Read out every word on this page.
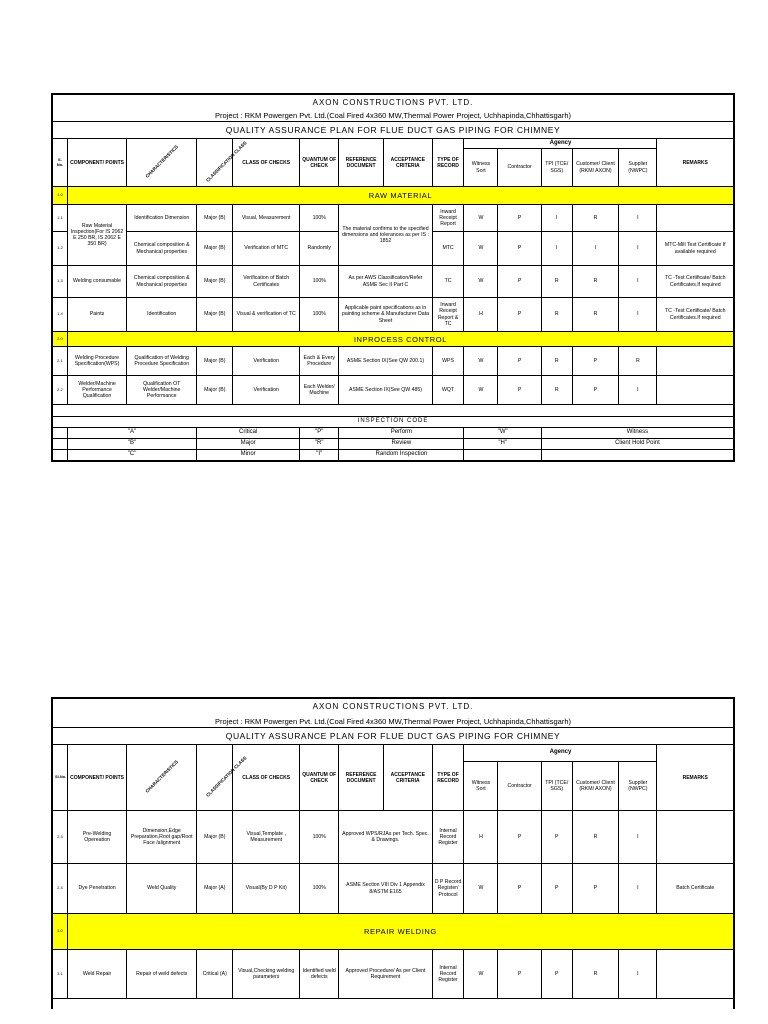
AXON CONSTRUCTIONS PVT. LTD.														
Project : RKM Powergen Pvt. Ltd.(Coal Fired 4x360 MW,Thermal Power Project, Uchhapinda,Chhattisgarh)														
QUALITY ASSURANCE PLAN FOR FLUE DUCT GAS PIPING FOR CHIMNEY														
S. No.	COMPONENT/ POINTS	CHARACTERISTICS	CLASSIFICATION CLASS	CLASS OF CHECKS	QUANTUM OF CHECK	REFERENCE DOCUMENT	ACCEPTANCE CRITERIA	TYPE OF RECORD	Agency					REMARKS
									Witness Sort	Contractor	TPI (TCE/ SGS)	Customer/ Client (RKM/ AXON)	Supplier (NWPC)	
1.0	RAW MATERIAL													
1.1	Raw Material Inspection(For IS 2062 E 250 BR, IS 2062 E 350 BR)	Identification Dimension	Major (B)	Visual, Measurement	100%	The material confirms to the specified dimensions and tolerances as per IS : 1852		Inward Receipt Report	W	P	I	R	I	
1.2		Chemical composition & Mechanical properties	Major (B)	Verification of MTC	Randomly			MTC	W	P	I	I	I	MTC-Mill Test Certificate If available required
1.3	Welding consumable	Chemical composition & Mechanical properties	Major (B)	Verification of Batch Certificates	100%	As per AWS Classification/Refer ASME Sec II Part C		TC	W	P	R	R	I	TC -Test Certificate/ Batch Certificates.If required
1.4	Paints	Identification	Major (B)	Visual & verification of TC	100%	Applicable paint specifications as in painting scheme & Manufacturer Data Sheet		Inward Receipt Report & TC	H	P	R	R	I	TC -Test Certificate/ Batch Certificates.If required
2.0	INPROCESS CONTROL													
2.1	Welding Procedure Specification(WPS)	Qualification of Welding Procedure Specification	Major (B)	Verification	Each & Every Procedure	ASME Section IX(See QW 200.1)		WPS	W	P	R	P	R	
2.2	Welder/Machine Performance Qualification	Qualification OT Welder/Machine Performance	Major (B)	Verification	Each Welder/ Machine	ASME Section IX(See QW 485)		WQT	W	P	R	P	I	

INSPECTION CODE														
	"A"		Critical		"P"	Perform			"W"		Witness			
	"B"		Major		"R"	Review			"H"		Client Hold Point			
	"C"		Minor		"I"	Random Inspection								
AXON CONSTRUCTIONS PVT. LTD.														
Project : RKM Powergen Pvt. Ltd.(Coal Fired 4x360 MW,Thermal Power Project, Uchhapinda,Chhattisgarh)														
QUALITY ASSURANCE PLAN FOR FLUE DUCT GAS PIPING FOR CHIMNEY														
Sl.No.	COMPONENT/ POINTS	CHARACTERISTICS	CLASSIFICATION CLASS	CLASS OF CHECKS	QUANTUM OF CHECK	REFERENCE DOCUMENT	ACCEPTANCE CRITERIA	TYPE OF RECORD	Agency					REMARKS
									Witness Sort	Contractor	TPI (TCE/ SGS)	Customer/ Client (RKM/ AXON)	Supplier (NWPC)	
2.3	Pre-Welding Opereation	Dimension,Edge Preparation,Root gap/Root Face /alignment	Major (B)	Visual,Template , Measurement	100%	Approved WPS/RJAs per Tech. Spec. & Drawings.		Internal Record Register	H	P	P	R	I	
2.4	Dye Penetration	Weld Quality	Major (A)	Visual(By D P Kit)	100%	ASME Section VIII Div 1 Appendix 8/ASTM E165		D P Record Register/ Protocol	W	P	P	P	I	Batch Certificate
3.0	REPAIR WELDING													
3.1	Weld Repair	Repair of weld defects	Critical (A)	Visual,Checking welding parameters	Identified weld defects	Approved Procedure/ As per Client Requirement		Internal Record Register	W	P	P	R	I	
